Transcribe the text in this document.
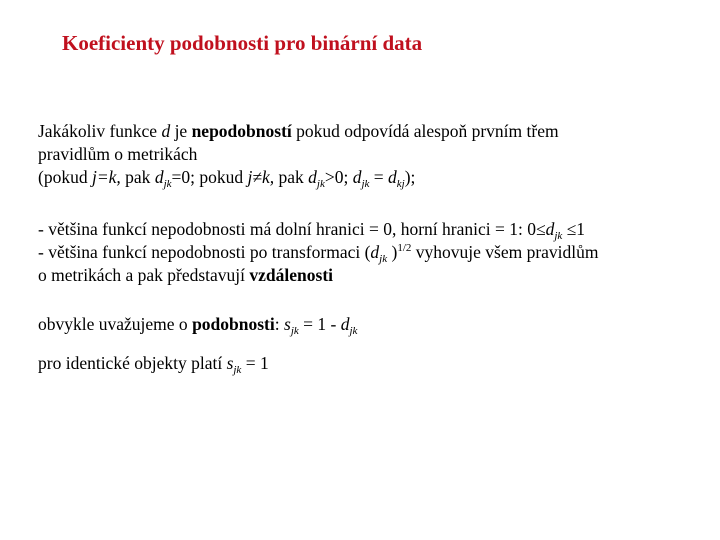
Koeficienty podobnosti pro binární data
Jakákoliv funkce d je nepodobností pokud odpovídá alespoň prvním třem
pravidlům o metrikách
(pokud j=k, pak $d_{jk}=0$; pokud j≠k, pak $d_{jk}>0$; $d_{jk} = d_{kj}$);
- většina funkcí nepodobnosti má dolní hranici = 0, horní hranici = 1: $0\le d_{jk} \le 1$
- většina funkcí nepodobnosti po transformaci ($d_{jk}$ )$^{1/2}$ vyhovuje všem pravidlům
o metrikách a pak představují vzdálenosti
obvykle uvažujeme o podobnosti: $s_{jk} = 1 - d_{jk}$
pro identické objekty platí $s_{jk} = 1$
